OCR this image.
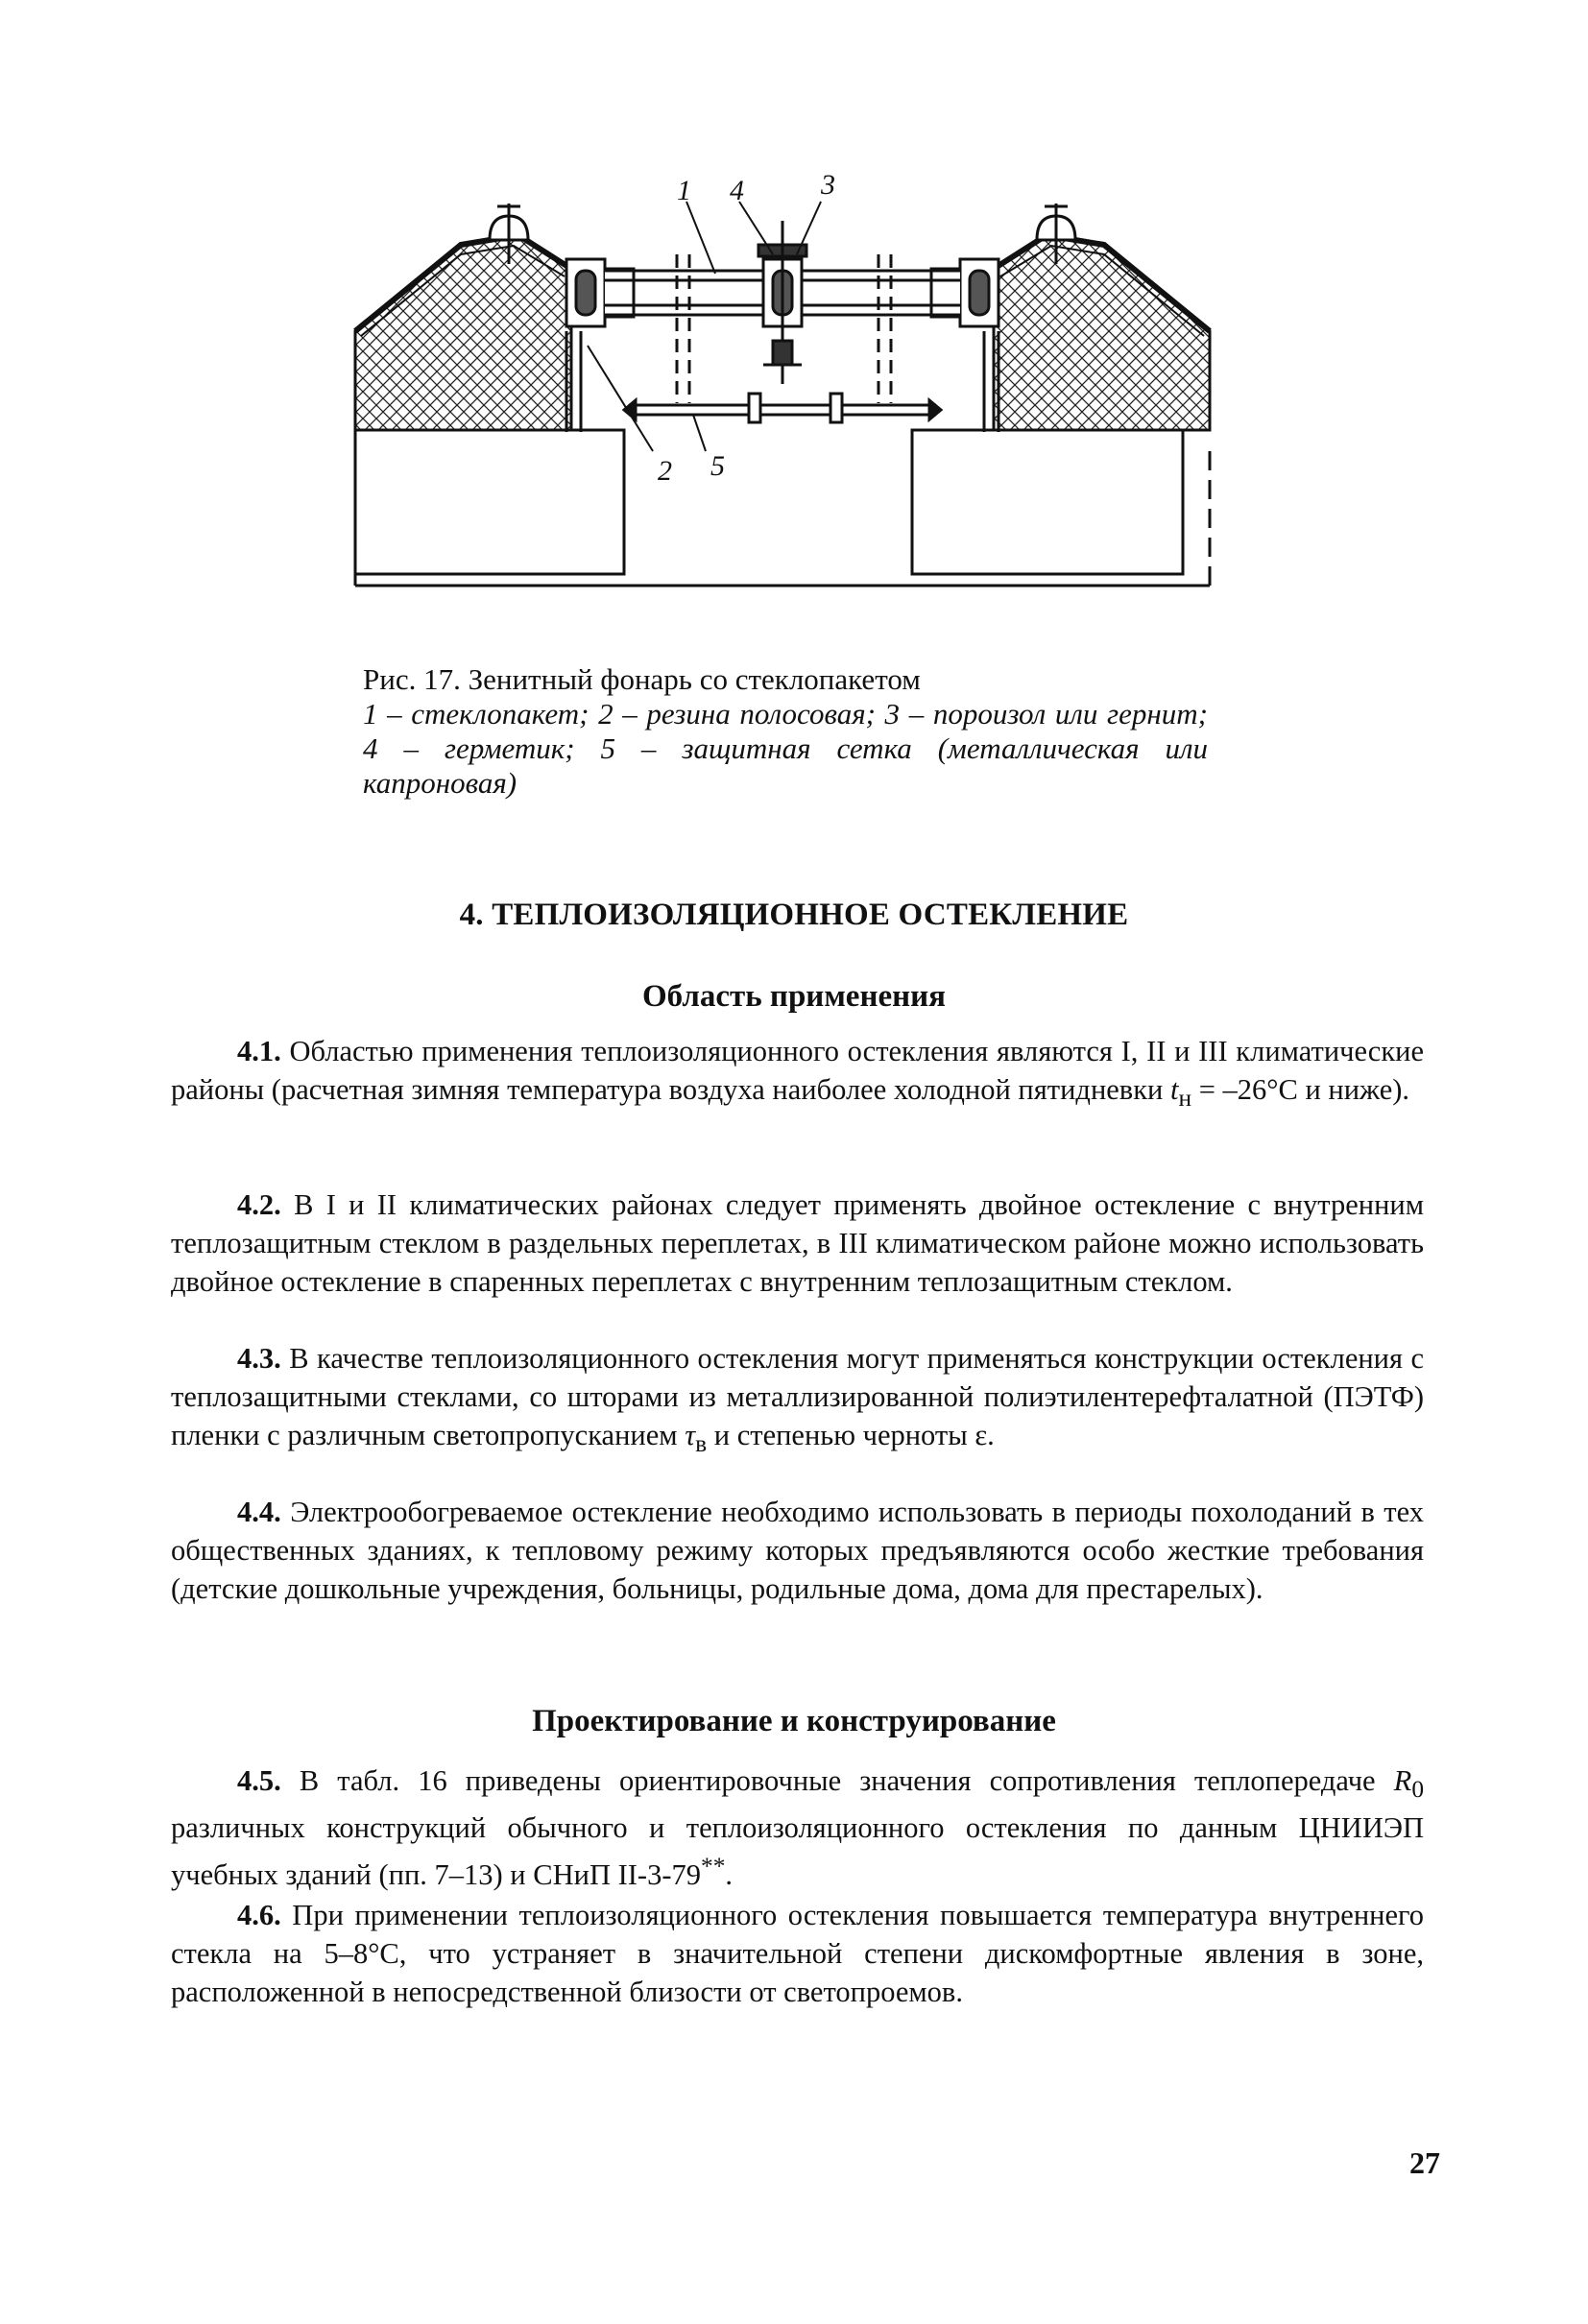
1 4	3
2 5
Рис. 17. Зенитный фонарь со стеклопакетом
1 – стеклопакет; 2 – резина полосовая; 3 – пороизол или гернит; 4 – герметик; 5 – защитная сетка (металлическая или капроновая)
4. ТЕПЛОИЗОЛЯЦИОННОЕ ОСТЕКЛЕНИЕ
Область применения

4.1. Областью применения теплоизоляционного остекления являются I, II и III климатические районы (расчетная зимняя температура воздуха наиболее холодной пятидневки $t_н = -26^\circ С$ и ниже).

4.2. В I и II климатических районах следует применять двойное остекление с внутренним теплозащитным стеклом в раздельных переплетах, в III климатическом районе можно использовать двойное остекление в спаренных переплетах с внутренним теплозащитным стеклом.

4.3. В качестве теплоизоляционного остекления могут применяться конструкции остекления с теплозащитными стеклами, со шторами из металлизированной полиэтилентерефталатной (ПЭТФ) пленки с различным светопропусканием $\tau_в$ и степенью черноты ε.

4.4. Электрообогреваемое остекление необходимо использовать в периоды похолоданий в тех общественных зданиях, к тепловому режиму которых предъявляются особо жесткие требования (детские дошкольные учреждения, больницы, родильные дома, дома для престарелых).

Проектирование и конструирование

4.5. В табл. 16 приведены ориентировочные значения сопротивления теплопередаче $R_0$ различных конструкций обычного и теплоизоляционного остекления по данным ЦНИИЭП учебных зданий (пп. 7–13) и СНиП II-3-79**.

4.6. При применении теплоизоляционного остекления повышается температура внутреннего стекла на 5–8°С, что устраняет в значительной степени дискомфортные явления в зоне, расположенной в непосредственной близости от светопроемов.

27
